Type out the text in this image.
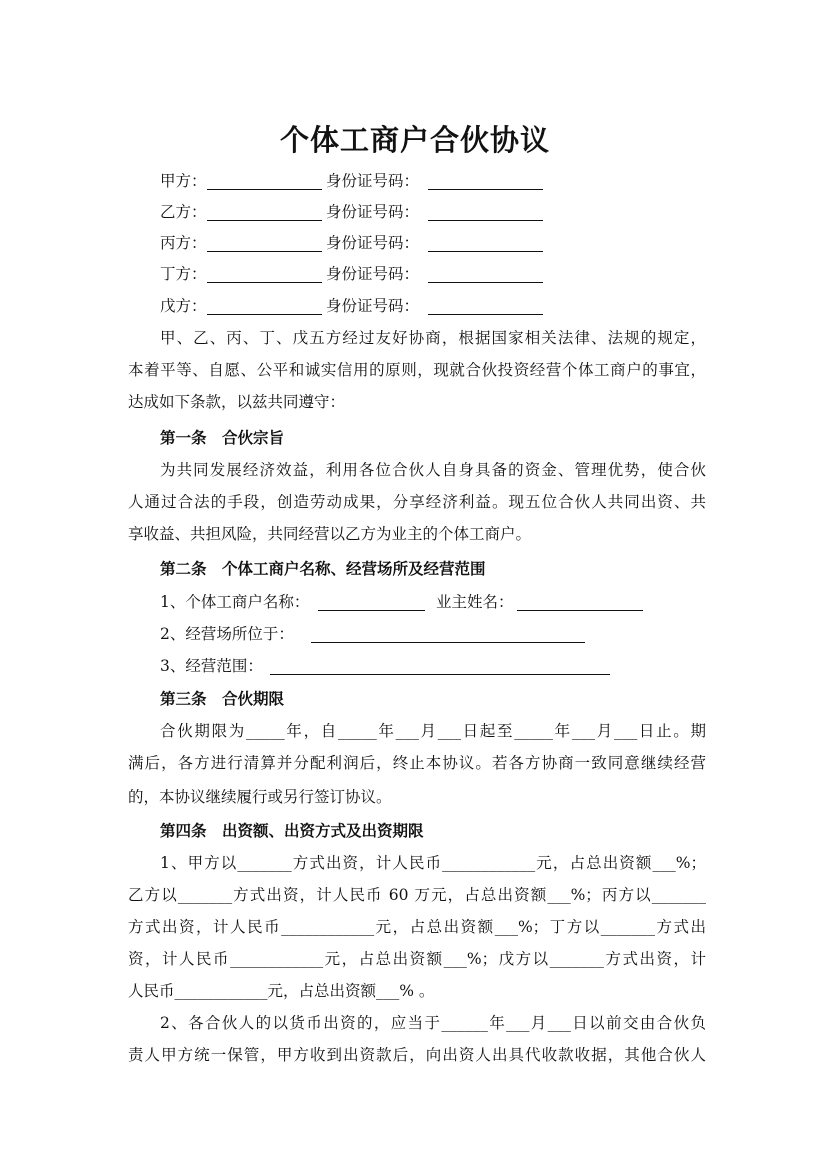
个体工商户合伙协议
甲方：	身份证号码：
乙方：	身份证号码：
丙方：	身份证号码：
丁方：	身份证号码：
戊方：	身份证号码：
甲、乙、丙、丁、戊五方经过友好协商，根据国家相关法律、法规的规定，
本着平等、自愿、公平和诚实信用的原则，现就合伙投资经营个体工商户的事宜，
达成如下条款，以兹共同遵守：
第一条　合伙宗旨
为共同发展经济效益，利用各位合伙人自身具备的资金、管理优势，使合伙
人通过合法的手段，创造劳动成果，分享经济利益。现五位合伙人共同出资、共
享收益、共担风险，共同经营以乙方为业主的个体工商户。
第二条　个体工商户名称、经营场所及经营范围
1、个体工商户名称：	业主姓名：
2、经营场所位于：
3、经营范围：
第三条　合伙期限
合伙期限为_____年，自_____年___月___日起至_____年___月___日止。期
满后，各方进行清算并分配利润后，终止本协议。若各方协商一致同意继续经营
的，本协议继续履行或另行签订协议。
第四条　出资额、出资方式及出资期限
1、甲方以_______方式出资，计人民币____________元，占总出资额___%；
乙方以_______方式出资，计人民币 60 万元，占总出资额___%；丙方以_______
方式出资，计人民币____________元，占总出资额___%；丁方以_______方式出
资，计人民币____________元，占总出资额___%；戊方以_______方式出资，计
人民币____________元，占总出资额___% 。
2、各合伙人的以货币出资的，应当于______年___月___日以前交由合伙负
责人甲方统一保管，甲方收到出资款后，向出资人出具代收款收据，其他合伙人
